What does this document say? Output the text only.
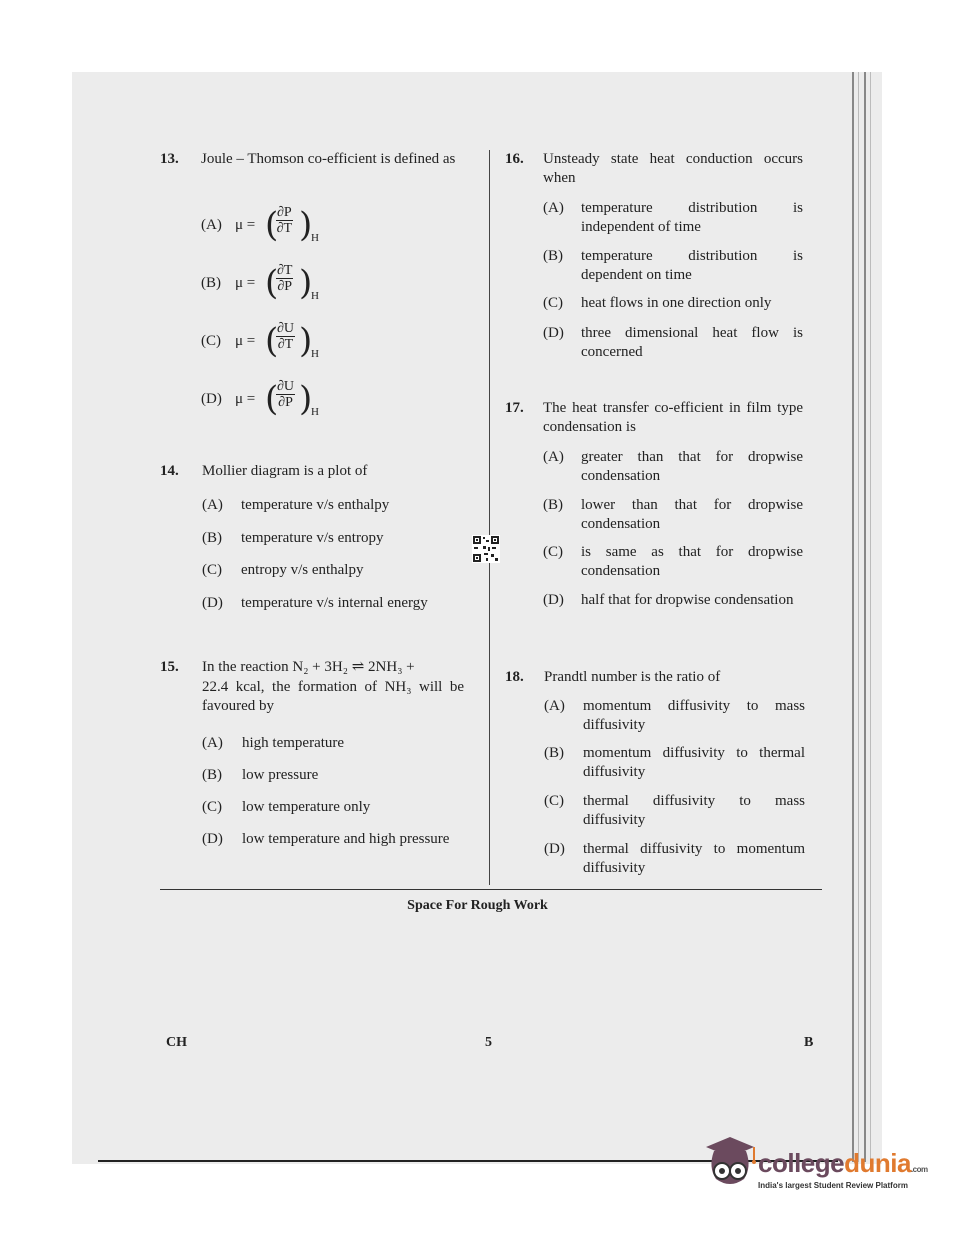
13. Joule – Thomson co-efficient is defined as
(A) μ = (
$\frac{\partial P}{\partial T}$ )
H
(B) μ = (
$\frac{\partial T}{\partial P}$ )
H
(C) μ = (
$\frac{\partial U}{\partial T}$ )
H
(D) μ = (
$\frac{\partial U}{\partial P}$ )
H
14. Mollier diagram is a plot of
(A) temperature v/s enthalpy
(B) temperature v/s entropy
(C) entropy v/s enthalpy
(D) temperature v/s internal energy
15. In the reaction N₂ + 3H₂ ⇌ 2NH₃ +
22.4 kcal, the formation of NH₃ will be favoured by
(A) high temperature
(B) low pressure
(C) low temperature only
(D) low temperature and high pressure
16. Unsteady state heat conduction occurs when
(A) temperature distribution is independent of time
(B) temperature distribution is dependent on time
(C) heat flows in one direction only
(D) three dimensional heat flow is concerned
17. The heat transfer co-efficient in film type condensation is
(A) greater than that for dropwise condensation
(B) lower than that for dropwise condensation
(C) is same as that for dropwise condensation
(D) half that for dropwise condensation
18. Prandtl number is the ratio of
(A) momentum diffusivity to mass diffusivity
(B) momentum diffusivity to thermal diffusivity
(C) thermal diffusivity to mass diffusivity
(D) thermal diffusivity to momentum diffusivity
Space For Rough Work
CH	5	B
collegedunia.com
India's largest Student Review Platform
